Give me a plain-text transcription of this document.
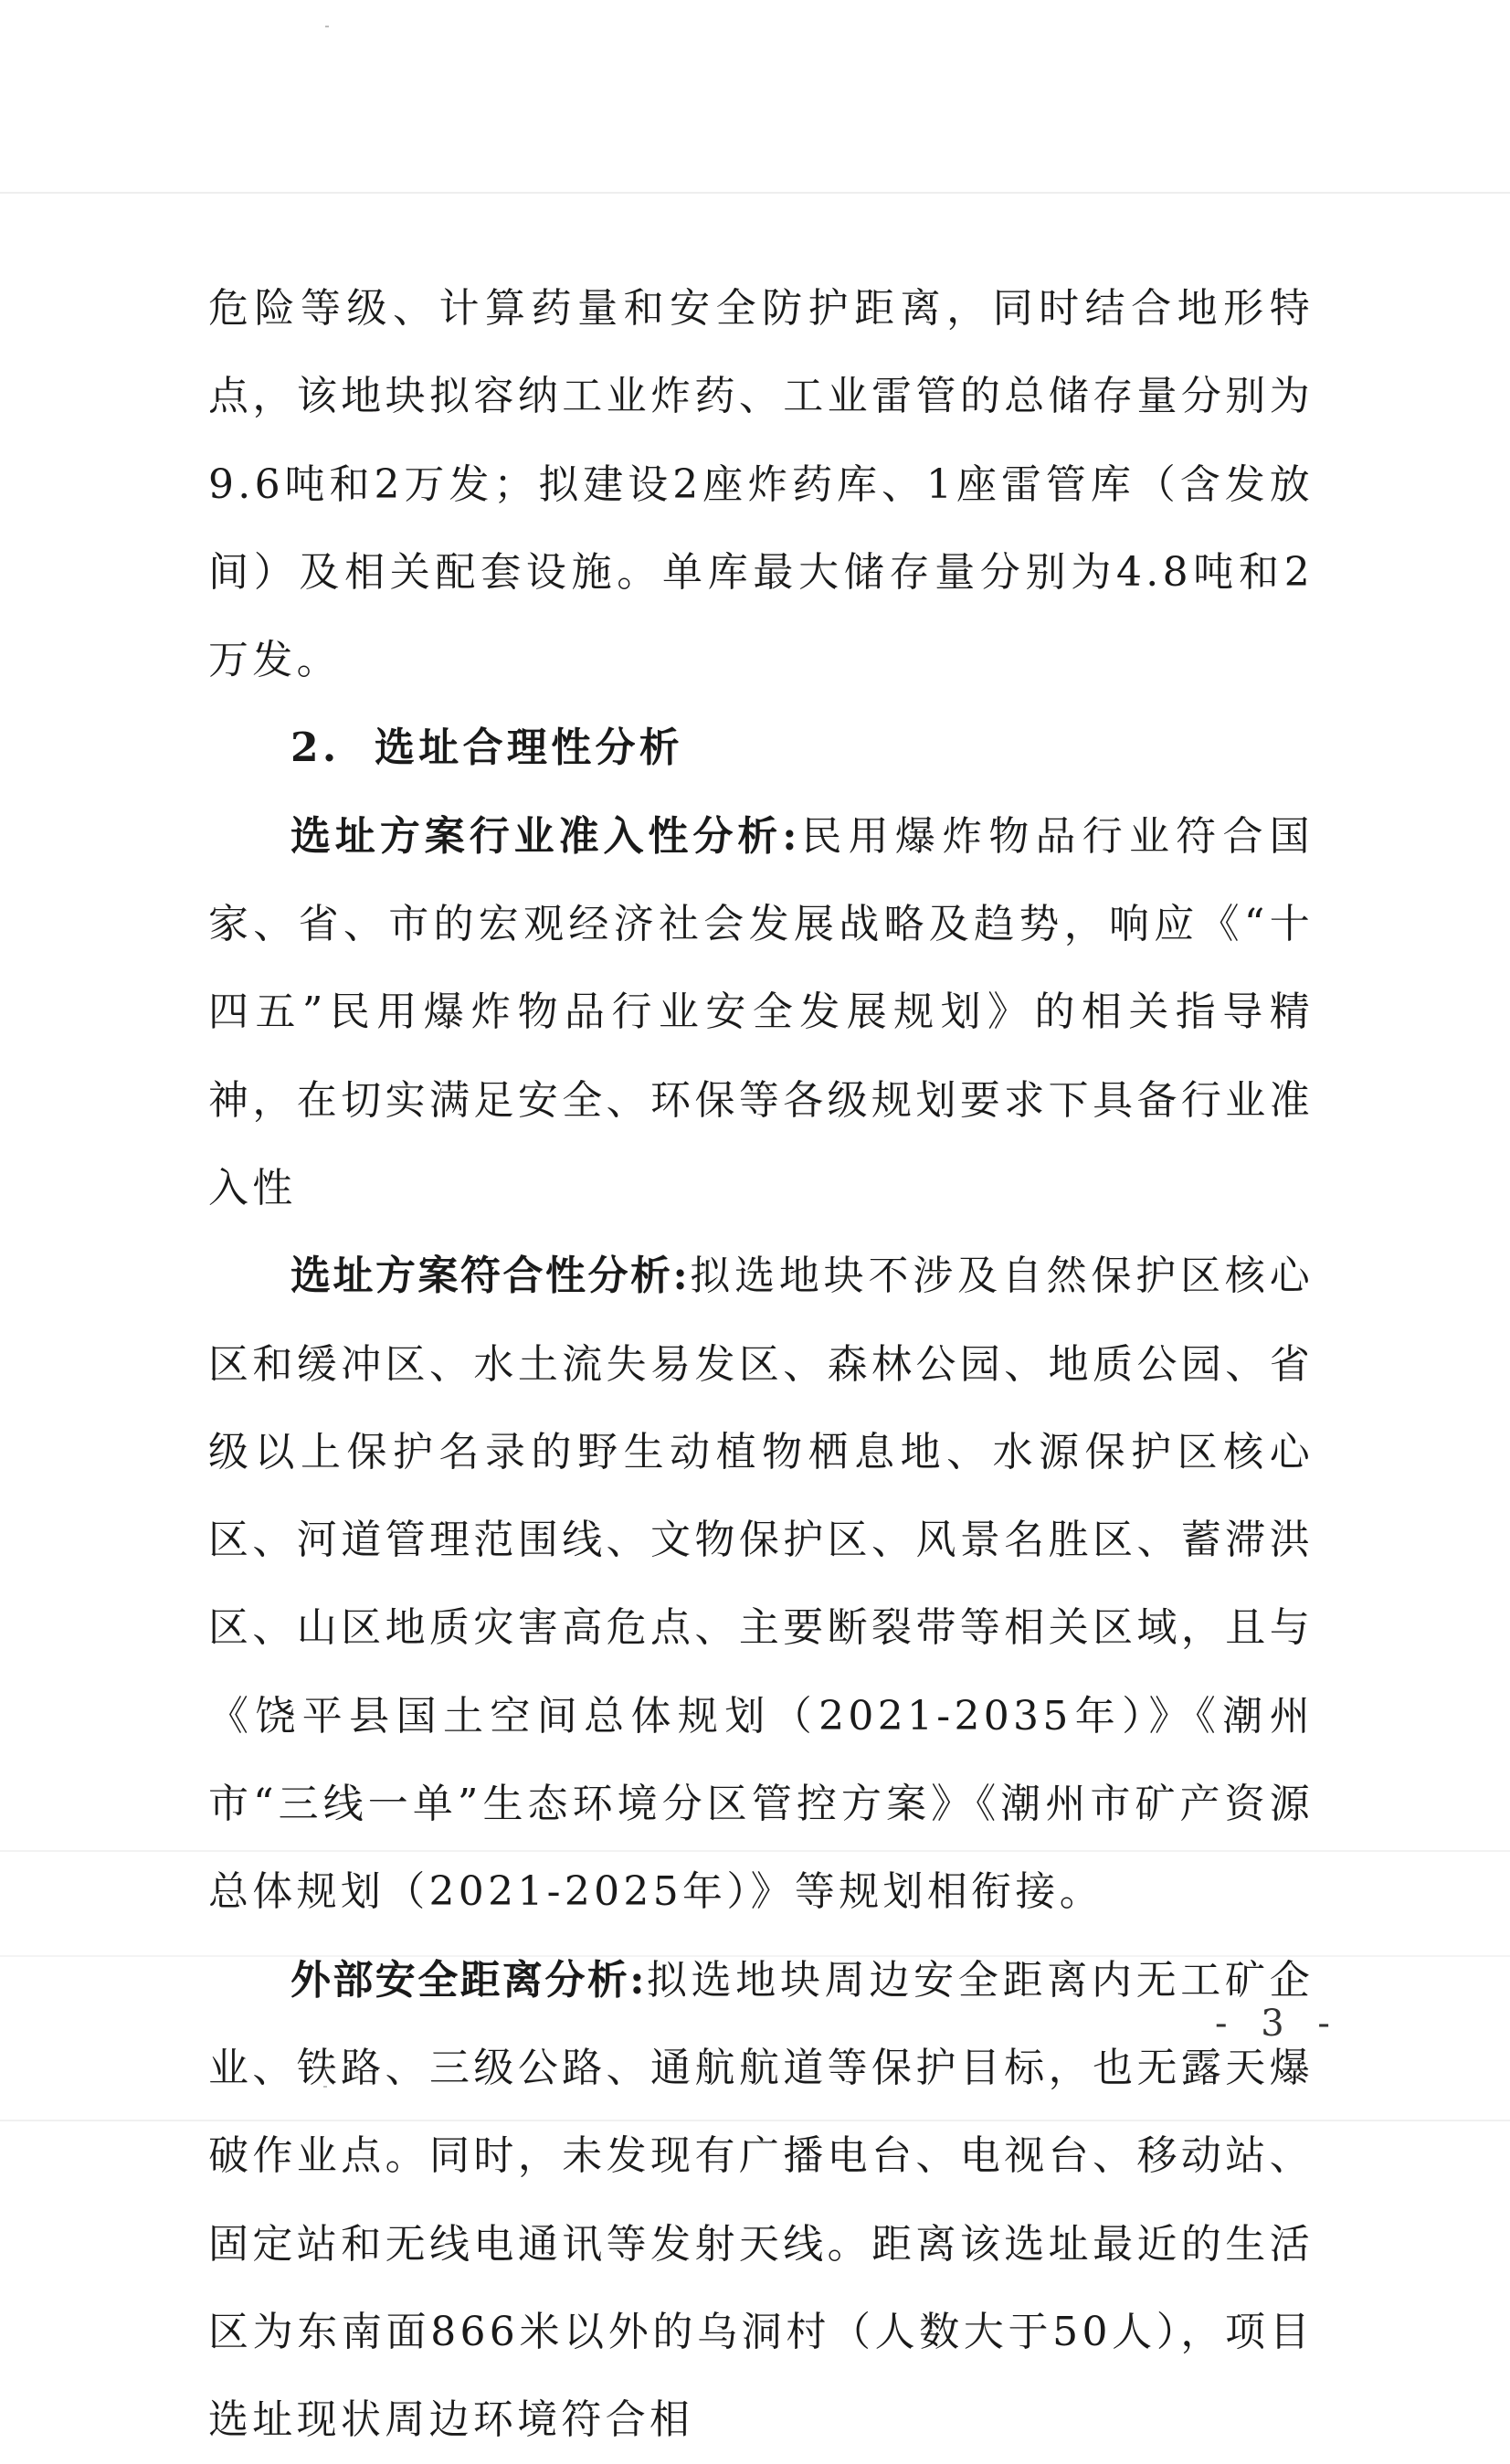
危险等级、计算药量和安全防护距离，同时结合地形特点，该地块拟容纳工业炸药、工业雷管的总储存量分别为9.6吨和2万发；拟建设2座炸药库、1座雷管库（含发放间）及相关配套设施。单库最大储存量分别为4.8吨和2万发。

2. 选址合理性分析

选址方案行业准入性分析:民用爆炸物品行业符合国家、省、市的宏观经济社会发展战略及趋势，响应《“十四五”民用爆炸物品行业安全发展规划》的相关指导精神，在切实满足安全、环保等各级规划要求下具备行业准入性

选址方案符合性分析:拟选地块不涉及自然保护区核心区和缓冲区、水土流失易发区、森林公园、地质公园、省级以上保护名录的野生动植物栖息地、水源保护区核心区、河道管理范围线、文物保护区、风景名胜区、蓄滞洪区、山区地质灾害高危点、主要断裂带等相关区域，且与《饶平县国土空间总体规划（2021-2035年）》《潮州市“三线一单”生态环境分区管控方案》《潮州市矿产资源总体规划（2021-2025年）》等规划相衔接。

外部安全距离分析:拟选地块周边安全距离内无工矿企业、铁路、三级公路、通航航道等保护目标，也无露天爆破作业点。同时，未发现有广播电台、电视台、移动站、固定站和无线电通讯等发射天线。距离该选址最近的生活区为东南面866米以外的乌洞村（人数大于50人），项目选址现状周边环境符合相

- 3 -
